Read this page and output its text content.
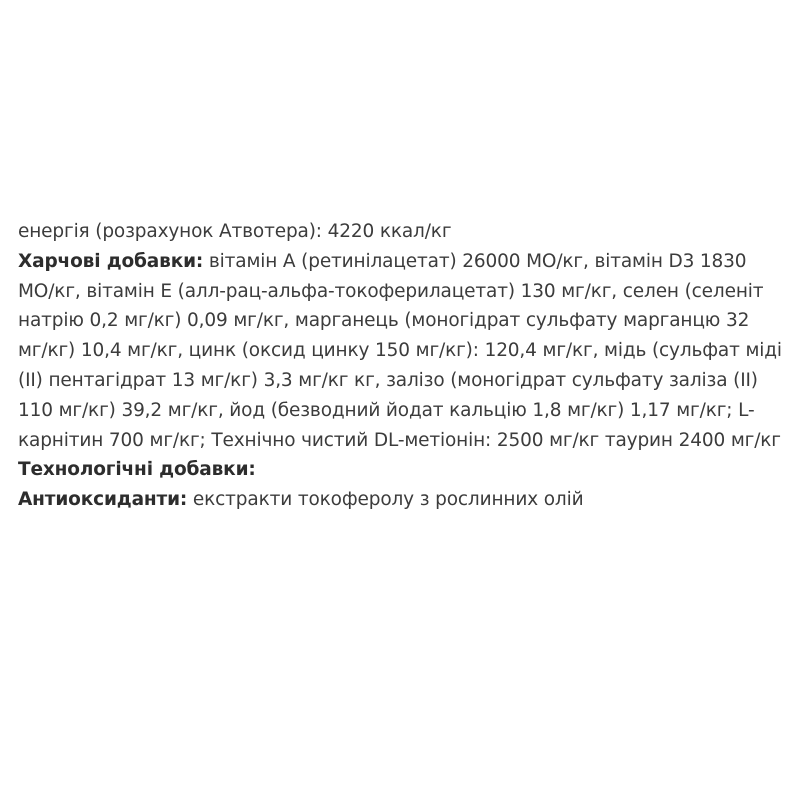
енергія (розрахунок Атвотера): 4220 ккал/кг

Харчові добавки: вітамін А (ретинілацетат) 26000 МО/кг, вітамін D3 1830 МО/кг, вітамін Е (алл-рац-альфа-токоферилацетат) 130 мг/кг, селен (селеніт натрію 0,2 мг/кг) 0,09 мг/кг, марганець (моногідрат сульфату марганцю 32 мг/кг) 10,4 мг/кг, цинк (оксид цинку 150 мг/кг): 120,4 мг/кг, мідь (сульфат міді (II) пентагідрат 13 мг/кг) 3,3 мг/кг кг, залізо (моногідрат сульфату заліза (II) 110 мг/кг) 39,2 мг/кг, йод (безводний йодат кальцію 1,8 мг/кг) 1,17 мг/кг; L-карнітин 700 мг/кг; Технічно чистий DL-метіонін: 2500 мг/кг таурин 2400 мг/кг

Технологічні добавки:

Антиоксиданти: екстракти токоферолу з рослинних олій
